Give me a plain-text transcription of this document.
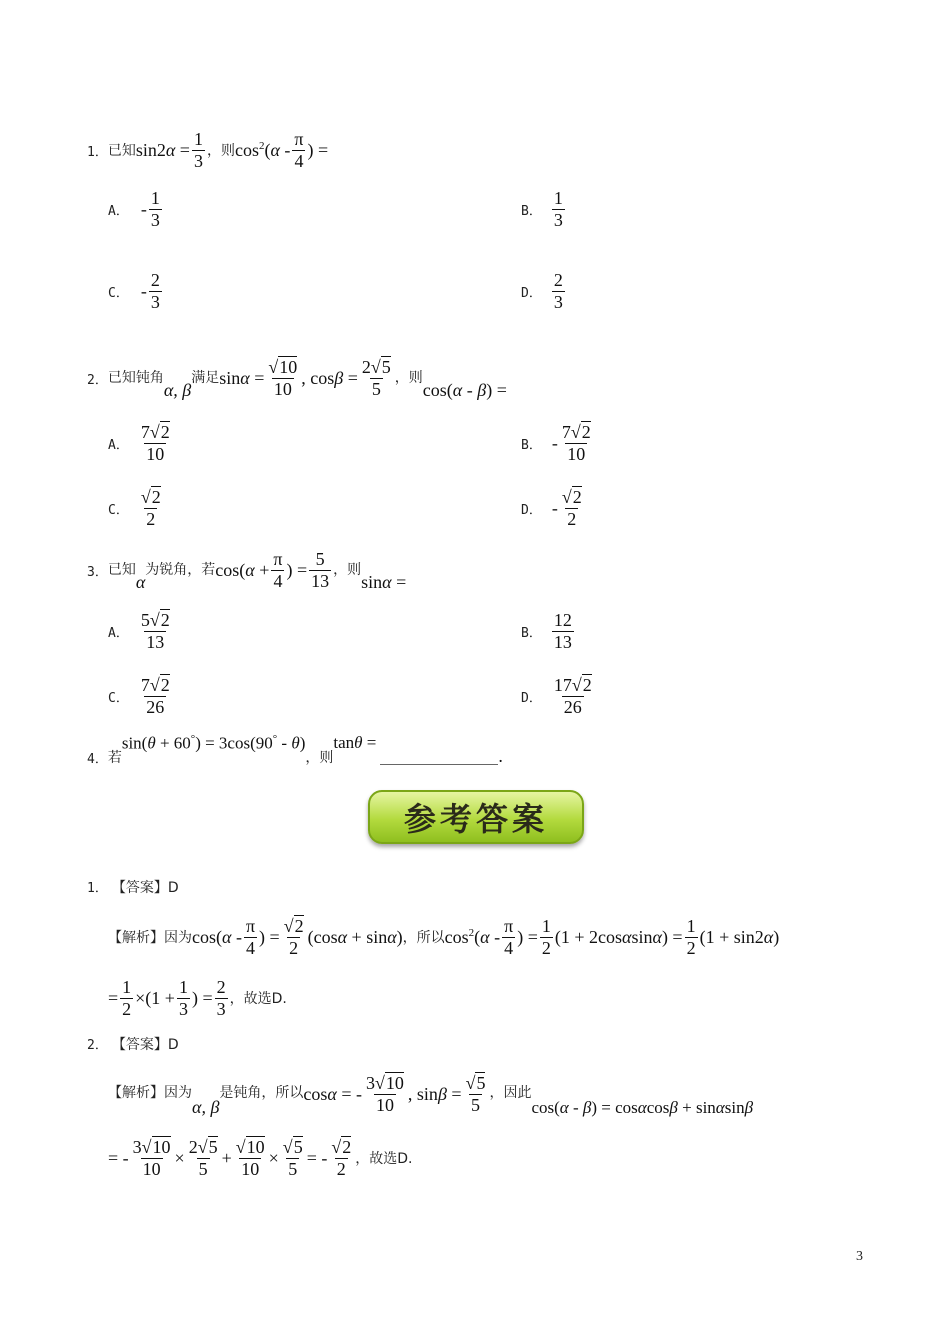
1． 已知 $\sin 2\alpha = \frac{1}{3}$ ，则 $\cos^2(\alpha - \frac{\pi}{4}$ ) =
A． - $\frac{1}{3}$	B． $\frac{1}{3}$
C． - $\frac{2}{3}$	D． $\frac{2}{3}$
2． 已知钝角
α, β
满足 $\sin\alpha = \frac{√10}{10}$ , $\cos\beta = \frac{2√5}{5}$ ，则
cos(α - β) =
A． $\frac{7√2}{10}$	B． - $\frac{7√2}{10}$
C． $\frac{√2}{2}$	D． - $\frac{√2}{2}$
3． 已知
α
为锐角，若 $\cos(\alpha + \frac{\pi}{4}$ ) = $\frac{5}{13}$ ，则
sinα =
A． $\frac{5√2}{13}$	B． $\frac{12}{13}$
C． $\frac{7√2}{26}$	D． $\frac{17√2}{26}$
4． 若
sin(θ + 60°) = 3cos(90° - θ)
，则
tanθ =
.
参考答案
1． 【答案】D
【解析】 因为 $\cos(\alpha - \frac{\pi}{4}$ ) = $\frac{√2}{2} (\cos\alpha + \sin\alpha)$ ，所以 $\cos^2(\alpha - \frac{\pi}{4}$ ) = $\frac{1}{2} (1 + 2\cos\alpha\sin\alpha) = \frac{1}{2} (1 + \sin 2\alpha)$
= $\frac{1}{2} \times(1 + \frac{1}{3}$ ) = $\frac{2}{3}$ ，故选D.
2． 【答案】D
【解析】 因为
α, β
是钝角，所以 cosα = - $\frac{3√10}{10}$ , $\sin\beta = \frac{√5}{5}$ ，因此
cos(α - β) = cosαcosβ + sinαsinβ
= - $\frac{3√10}{10} \times \frac{2√5}{5} + \frac{√10}{10} \times \frac{√5}{5}$ = - $\frac{√2}{2}$ ，故选D.
3
